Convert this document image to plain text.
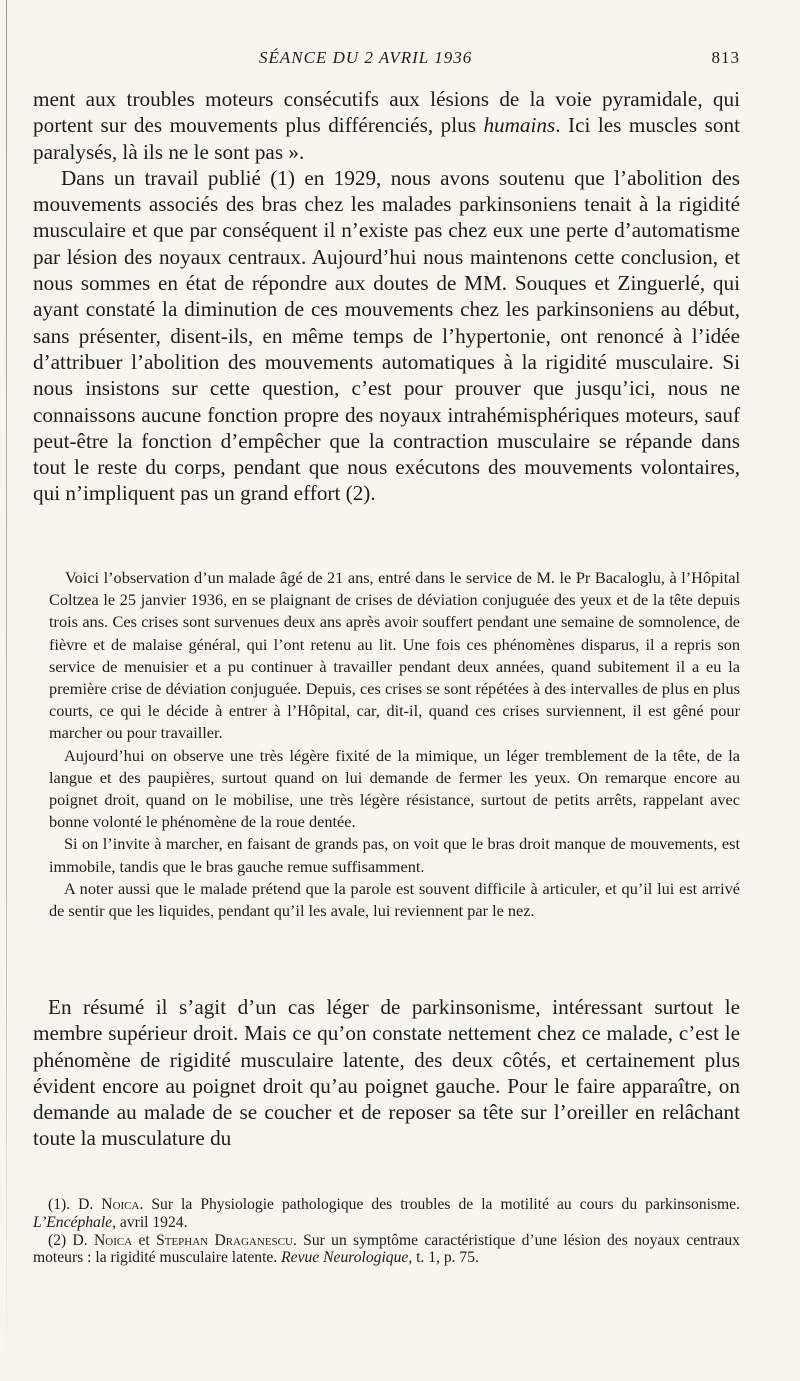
SÉANCE DU 2 AVRIL 1936	813

ment aux troubles moteurs consécutifs aux lésions de la voie pyramidale, qui portent sur des mouvements plus différenciés, plus humains. Ici les muscles sont paralysés, là ils ne le sont pas ».

Dans un travail publié (1) en 1929, nous avons soutenu que l’abolition des mouvements associés des bras chez les malades parkinsoniens tenait à la rigidité musculaire et que par conséquent il n’existe pas chez eux une perte d’automatisme par lésion des noyaux centraux. Aujourd’hui nous maintenons cette conclusion, et nous sommes en état de répondre aux doutes de MM. Souques et Zinguerlé, qui ayant constaté la diminution de ces mouvements chez les parkinsoniens au début, sans présenter, disent-ils, en même temps de l’hypertonie, ont renoncé à l’idée d’attribuer l’abolition des mouvements automatiques à la rigidité musculaire. Si nous insistons sur cette question, c’est pour prouver que jusqu’ici, nous ne connaissons aucune fonction propre des noyaux intrahémisphériques moteurs, sauf peut-être la fonction d’empêcher que la contraction musculaire se répande dans tout le reste du corps, pendant que nous exécutons des mouvements volontaires, qui n’impliquent pas un grand effort (2).

Voici l’observation d’un malade âgé de 21 ans, entré dans le service de M. le Pr Bacaloglu, à l’Hôpital Coltzea le 25 janvier 1936, en se plaignant de crises de déviation conjuguée des yeux et de la tête depuis trois ans. Ces crises sont survenues deux ans après avoir souffert pendant une semaine de somnolence, de fièvre et de malaise général, qui l’ont retenu au lit. Une fois ces phénomènes disparus, il a repris son service de menuisier et a pu continuer à travailler pendant deux années, quand subitement il a eu la première crise de déviation conjuguée. Depuis, ces crises se sont répétées à des intervalles de plus en plus courts, ce qui le décide à entrer à l’Hôpital, car, dit-il, quand ces crises surviennent, il est gêné pour marcher ou pour travailler.

Aujourd’hui on observe une très légère fixité de la mimique, un léger tremblement de la tête, de la langue et des paupières, surtout quand on lui demande de fermer les yeux. On remarque encore au poignet droit, quand on le mobilise, une très légère résistance, surtout de petits arrêts, rappelant avec bonne volonté le phénomène de la roue dentée.

Si on l’invite à marcher, en faisant de grands pas, on voit que le bras droit manque de mouvements, est immobile, tandis que le bras gauche remue suffisamment.

A noter aussi que le malade prétend que la parole est souvent difficile à articuler, et qu’il lui est arrivé de sentir que les liquides, pendant qu’il les avale, lui reviennent par le nez.

En résumé il s’agit d’un cas léger de parkinsonisme, intéressant surtout le membre supérieur droit. Mais ce qu’on constate nettement chez ce malade, c’est le phénomène de rigidité musculaire latente, des deux côtés, et certainement plus évident encore au poignet droit qu’au poignet gauche. Pour le faire apparaître, on demande au malade de se coucher et de reposer sa tête sur l’oreiller en relâchant toute la musculature du

(1). D. Noica. Sur la Physiologie pathologique des troubles de la motilité au cours du parkinsonisme. L’Encéphale, avril 1924.

(2) D. Noica et Stephan Draganescu. Sur un symptôme caractéristique d’une lésion des noyaux centraux moteurs : la rigidité musculaire latente. Revue Neurologique, t. 1, p. 75.
